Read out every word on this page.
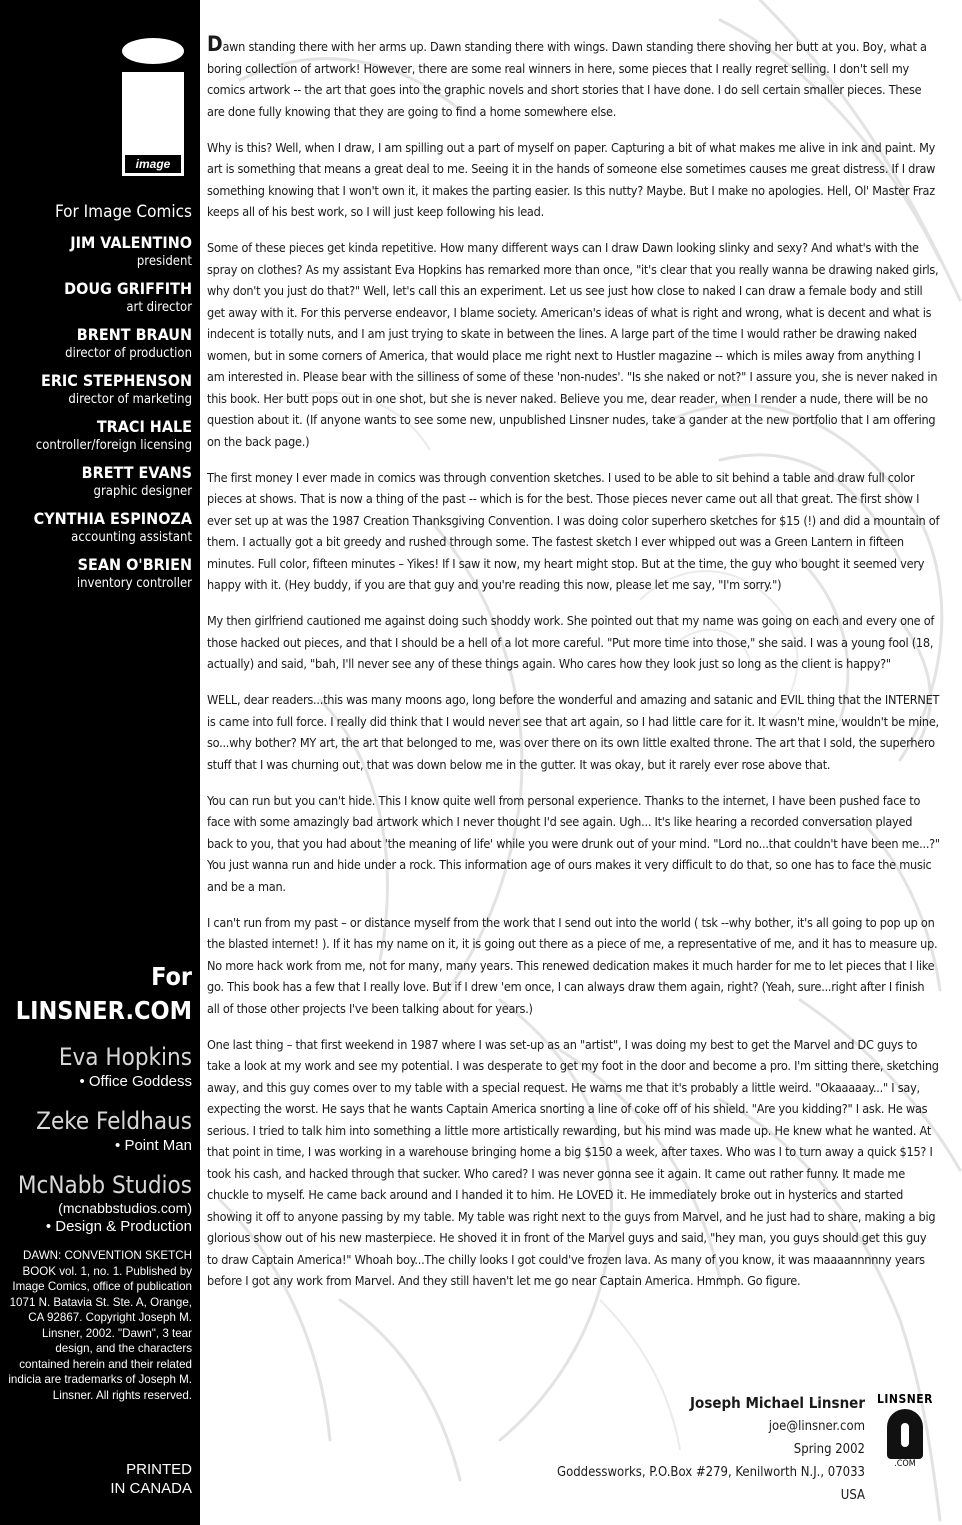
image
For Image Comics
JIM VALENTINO
president
DOUG GRIFFITH
art director
BRENT BRAUN
director of production
ERIC STEPHENSON
director of marketing
TRACI HALE
controller/foreign licensing
BRETT EVANS
graphic designer
CYNTHIA ESPINOZA
accounting assistant
SEAN O'BRIEN
inventory controller
For LINSNER.COM
Eva Hopkins
• Office Goddess
Zeke Feldhaus
• Point Man
McNabb Studios
(mcnabbstudios.com)
• Design & Production
DAWN: CONVENTION SKETCH BOOK vol. 1, no. 1. Published by Image Comics, office of publication 1071 N. Batavia St. Ste. A, Orange, CA 92867. Copyright Joseph M. Linsner, 2002. "Dawn", 3 tear design, and the characters contained herein and their related indicia are trademarks of Joseph M. Linsner. All rights reserved.
PRINTED
IN CANADA

Dawn standing there with her arms up. Dawn standing there with wings. Dawn standing there shoving her butt at you. Boy, what a boring collection of artwork! However, there are some real winners in here, some pieces that I really regret selling. I don't sell my comics artwork -- the art that goes into the graphic novels and short stories that I have done. I do sell certain smaller pieces. These are done fully knowing that they are going to find a home somewhere else.

Why is this? Well, when I draw, I am spilling out a part of myself on paper. Capturing a bit of what makes me alive in ink and paint. My art is something that means a great deal to me. Seeing it in the hands of someone else sometimes causes me great distress. If I draw something knowing that I won't own it, it makes the parting easier. Is this nutty? Maybe. But I make no apologies. Hell, Ol' Master Fraz keeps all of his best work, so I will just keep following his lead.

Some of these pieces get kinda repetitive. How many different ways can I draw Dawn looking slinky and sexy? And what's with the spray on clothes? As my assistant Eva Hopkins has remarked more than once, "it's clear that you really wanna be drawing naked girls, why don't you just do that?" Well, let's call this an experiment. Let us see just how close to naked I can draw a female body and still get away with it. For this perverse endeavor, I blame society. American's ideas of what is right and wrong, what is decent and what is indecent is totally nuts, and I am just trying to skate in between the lines. A large part of the time I would rather be drawing naked women, but in some corners of America, that would place me right next to Hustler magazine -- which is miles away from anything I am interested in. Please bear with the silliness of some of these 'non-nudes'. "Is she naked or not?" I assure you, she is never naked in this book. Her butt pops out in one shot, but she is never naked. Believe you me, dear reader, when I render a nude, there will be no question about it. (If anyone wants to see some new, unpublished Linsner nudes, take a gander at the new portfolio that I am offering on the back page.)

The first money I ever made in comics was through convention sketches. I used to be able to sit behind a table and draw full color pieces at shows. That is now a thing of the past -- which is for the best. Those pieces never came out all that great. The first show I ever set up at was the 1987 Creation Thanksgiving Convention. I was doing color superhero sketches for $15 (!) and did a mountain of them. I actually got a bit greedy and rushed through some. The fastest sketch I ever whipped out was a Green Lantern in fifteen minutes. Full color, fifteen minutes – Yikes! If I saw it now, my heart might stop. But at the time, the guy who bought it seemed very happy with it. (Hey buddy, if you are that guy and you're reading this now, please let me say, "I'm sorry.")

My then girlfriend cautioned me against doing such shoddy work. She pointed out that my name was going on each and every one of those hacked out pieces, and that I should be a hell of a lot more careful. "Put more time into those," she said. I was a young fool (18, actually) and said, "bah, I'll never see any of these things again. Who cares how they look just so long as the client is happy?"

WELL, dear readers...this was many moons ago, long before the wonderful and amazing and satanic and EVIL thing that the INTERNET is came into full force. I really did think that I would never see that art again, so I had little care for it. It wasn't mine, wouldn't be mine, so...why bother? MY art, the art that belonged to me, was over there on its own little exalted throne. The art that I sold, the superhero stuff that I was churning out, that was down below me in the gutter. It was okay, but it rarely ever rose above that.

You can run but you can't hide. This I know quite well from personal experience. Thanks to the internet, I have been pushed face to face with some amazingly bad artwork which I never thought I'd see again. Ugh... It's like hearing a recorded conversation played back to you, that you had about 'the meaning of life' while you were drunk out of your mind. "Lord no...that couldn't have been me...?" You just wanna run and hide under a rock. This information age of ours makes it very difficult to do that, so one has to face the music and be a man.

I can't run from my past – or distance myself from the work that I send out into the world ( tsk --why bother, it's all going to pop up on the blasted internet! ). If it has my name on it, it is going out there as a piece of me, a representative of me, and it has to measure up. No more hack work from me, not for many, many years. This renewed dedication makes it much harder for me to let pieces that I like go. This book has a few that I really love. But if I drew 'em once, I can always draw them again, right? (Yeah, sure...right after I finish all of those other projects I've been talking about for years.)

One last thing – that first weekend in 1987 where I was set-up as an "artist", I was doing my best to get the Marvel and DC guys to take a look at my work and see my potential. I was desperate to get my foot in the door and become a pro. I'm sitting there, sketching away, and this guy comes over to my table with a special request. He warns me that it's probably a little weird. "Okaaaaay..." I say, expecting the worst. He says that he wants Captain America snorting a line of coke off of his shield. "Are you kidding?" I ask. He was serious. I tried to talk him into something a little more artistically rewarding, but his mind was made up. He knew what he wanted. At that point in time, I was working in a warehouse bringing home a big $150 a week, after taxes. Who was I to turn away a quick $15? I took his cash, and hacked through that sucker. Who cared? I was never gonna see it again. It came out rather funny. It made me chuckle to myself. He came back around and I handed it to him. He LOVED it. He immediately broke out in hysterics and started showing it off to anyone passing by my table. My table was right next to the guys from Marvel, and he just had to share, making a big glorious show out of his new masterpiece. He shoved it in front of the Marvel guys and said, "hey man, you guys should get this guy to draw Captain America!" Whoah boy...The chilly looks I got could've frozen lava. As many of you know, it was maaaannnnny years before I got any work from Marvel. And they still haven't let me go near Captain America. Hmmph. Go figure.

Joseph Michael Linsner
joe@linsner.com
Spring 2002
Goddessworks, P.O.Box #279, Kenilworth N.J., 07033 USA
LINSNER
.COM
